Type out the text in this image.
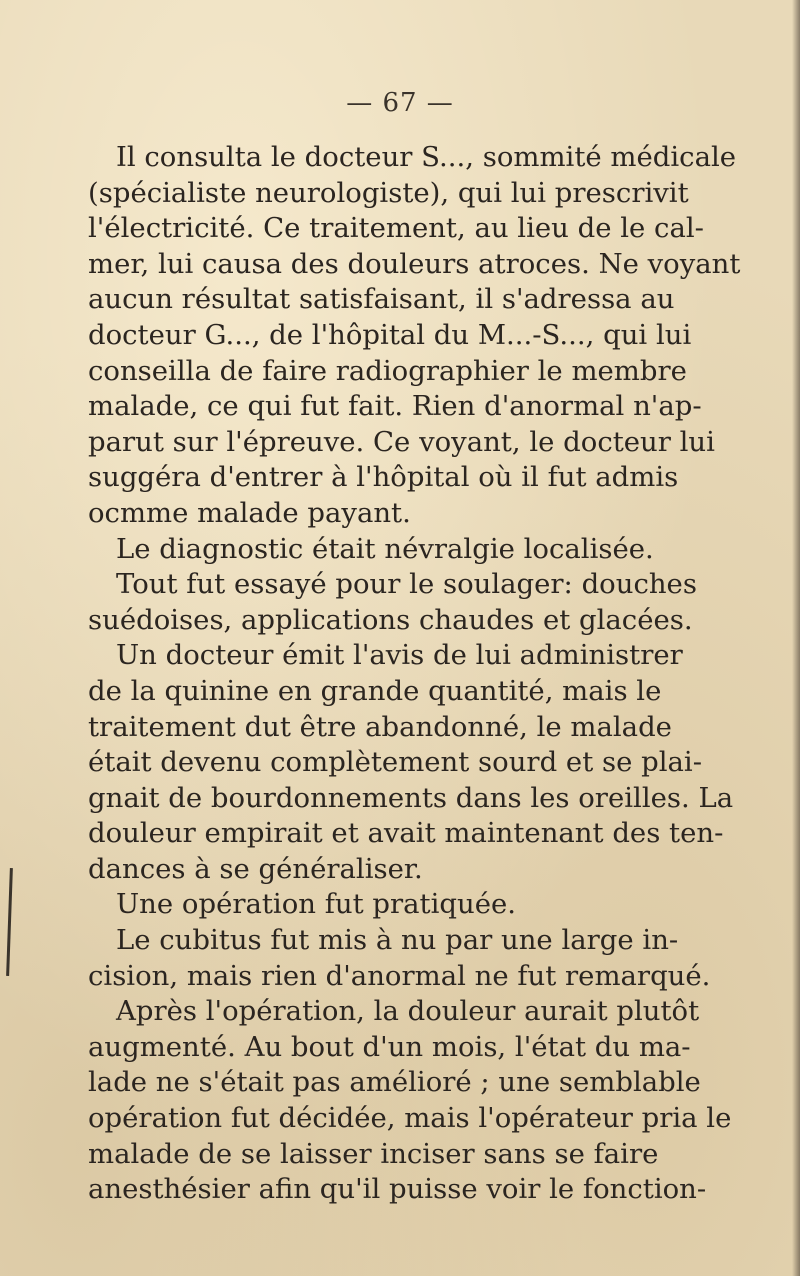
— 67 —
Il consulta le docteur S..., sommité médicale
(spécialiste neurologiste), qui lui prescrivit
l'électricité. Ce traitement, au lieu de le cal-
mer, lui causa des douleurs atroces. Ne voyant
aucun résultat satisfaisant, il s'adressa au
docteur G..., de l'hôpital du M...-S..., qui lui
conseilla de faire radiographier le membre
malade, ce qui fut fait. Rien d'anormal n'ap-
parut sur l'épreuve. Ce voyant, le docteur lui
suggéra d'entrer à l'hôpital où il fut admis
ocmme malade payant.
Le diagnostic était névralgie localisée.
Tout fut essayé pour le soulager: douches
suédoises, applications chaudes et glacées.
Un docteur émit l'avis de lui administrer
de la quinine en grande quantité, mais le
traitement dut être abandonné, le malade
était devenu complètement sourd et se plai-
gnait de bourdonnements dans les oreilles. La
douleur empirait et avait maintenant des ten-
dances à se généraliser.
Une opération fut pratiquée.
Le cubitus fut mis à nu par une large in-
cision, mais rien d'anormal ne fut remarqué.
Après l'opération, la douleur aurait plutôt
augmenté. Au bout d'un mois, l'état du ma-
lade ne s'était pas amélioré ; une semblable
opération fut décidée, mais l'opérateur pria le
malade de se laisser inciser sans se faire
anesthésier afin qu'il puisse voir le fonction-
